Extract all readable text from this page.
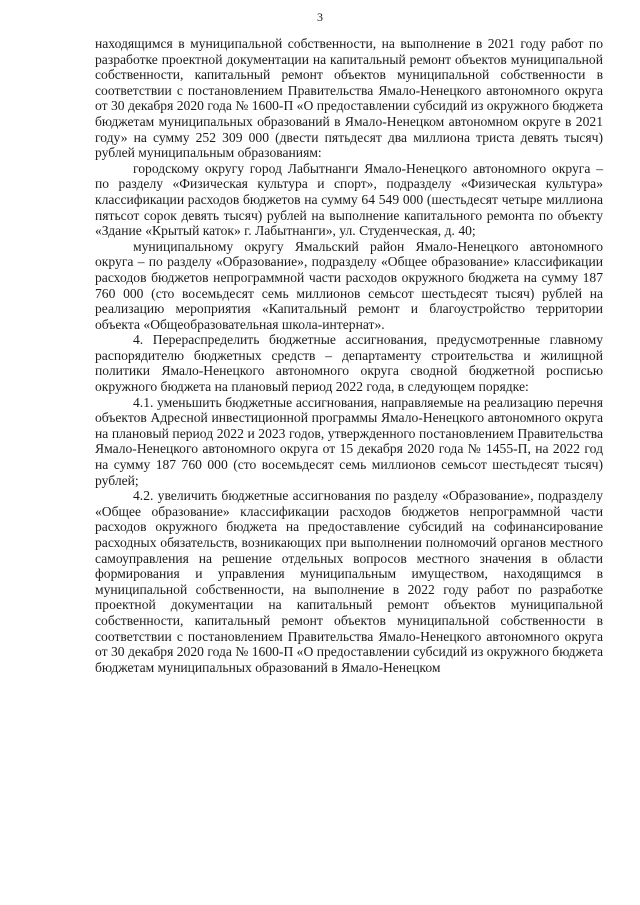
3

находящимся в муниципальной собственности, на выполнение в 2021 году работ по разработке проектной документации на капитальный ремонт объектов муниципальной собственности, капитальный ремонт объектов муниципальной собственности в соответствии с постановлением Правительства Ямало-Ненецкого автономного округа от 30 декабря 2020 года № 1600-П «О предоставлении субсидий из окружного бюджета бюджетам муниципальных образований в Ямало-Ненецком автономном округе в 2021 году» на сумму 252 309 000 (двести пятьдесят два миллиона триста девять тысяч) рублей муниципальным образованиям:

городскому округу город Лабытнанги Ямало-Ненецкого автономного округа – по разделу «Физическая культура и спорт», подразделу «Физическая культура» классификации расходов бюджетов на сумму 64 549 000 (шестьдесят четыре миллиона пятьсот сорок девять тысяч) рублей на выполнение капитального ремонта по объекту «Здание «Крытый каток» г. Лабытнанги», ул. Студенческая, д. 40;

муниципальному округу Ямальский район Ямало-Ненецкого автономного округа – по разделу «Образование», подразделу «Общее образование» классификации расходов бюджетов непрограммной части расходов окружного бюджета на сумму 187 760 000 (сто восемьдесят семь миллионов семьсот шестьдесят тысяч) рублей на реализацию мероприятия «Капитальный ремонт и благоустройство территории объекта «Общеобразовательная школа-интернат».

4. Перераспределить бюджетные ассигнования, предусмотренные главному распорядителю бюджетных средств – департаменту строительства и жилищной политики Ямало-Ненецкого автономного округа сводной бюджетной росписью окружного бюджета на плановый период 2022 года, в следующем порядке:

4.1. уменьшить бюджетные ассигнования, направляемые на реализацию перечня объектов Адресной инвестиционной программы Ямало-Ненецкого автономного округа на плановый период 2022 и 2023 годов, утвержденного постановлением Правительства Ямало-Ненецкого автономного округа от 15 декабря 2020 года № 1455-П, на 2022 год на сумму 187 760 000 (сто восемьдесят семь миллионов семьсот шестьдесят тысяч) рублей;

4.2. увеличить бюджетные ассигнования по разделу «Образование», подразделу «Общее образование» классификации расходов бюджетов непрограммной части расходов окружного бюджета на предоставление субсидий на софинансирование расходных обязательств, возникающих при выполнении полномочий органов местного самоуправления на решение отдельных вопросов местного значения в области формирования и управления муниципальным имуществом, находящимся в муниципальной собственности, на выполнение в 2022 году работ по разработке проектной документации на капитальный ремонт объектов муниципальной собственности, капитальный ремонт объектов муниципальной собственности в соответствии с постановлением Правительства Ямало-Ненецкого автономного округа от 30 декабря 2020 года № 1600-П «О предоставлении субсидий из окружного бюджета бюджетам муниципальных образований в Ямало-Ненецком
